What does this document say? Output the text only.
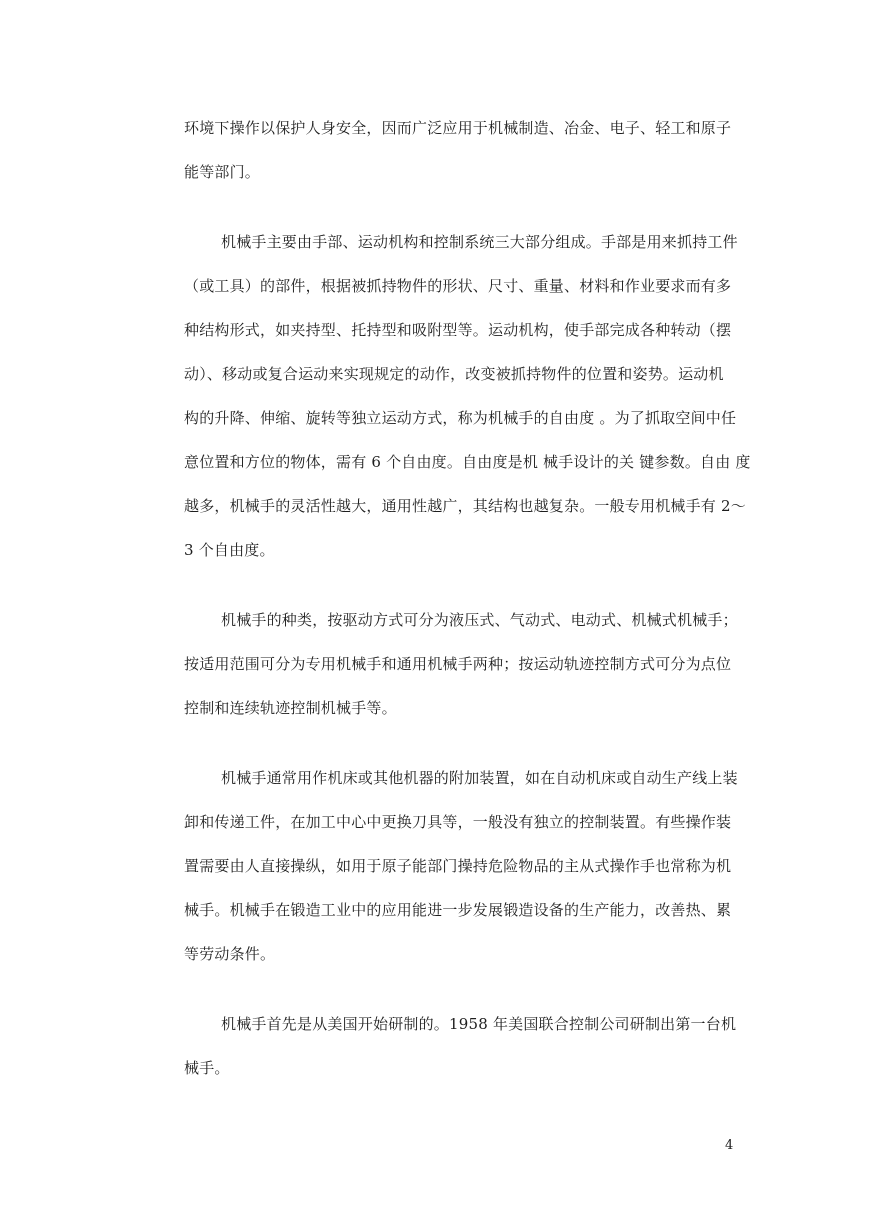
环境下操作以保护人身安全，因而广泛应用于机械制造、冶金、电子、轻工和原子
能等部门。
机械手主要由手部、运动机构和控制系统三大部分组成。手部是用来抓持工件
（或工具）的部件，根据被抓持物件的形状、尺寸、重量、材料和作业要求而有多
种结构形式，如夹持型、托持型和吸附型等。运动机构，使手部完成各种转动（摆
动）、移动或复合运动来实现规定的动作，改变被抓持物件的位置和姿势。运动机
构的升降、伸缩、旋转等独立运动方式，称为机械手的自由度 。为了抓取空间中任
意位置和方位的物体，需有 6 个自由度。自由度是机 械手设计的关 键参数。自由 度
越多，机械手的灵活性越大，通用性越广，其结构也越复杂。一般专用机械手有 2～
3 个自由度。
机械手的种类，按驱动方式可分为液压式、气动式、电动式、机械式机械手；
按适用范围可分为专用机械手和通用机械手两种；按运动轨迹控制方式可分为点位
控制和连续轨迹控制机械手等。
机械手通常用作机床或其他机器的附加装置，如在自动机床或自动生产线上装
卸和传递工件，在加工中心中更换刀具等，一般没有独立的控制装置。有些操作装
置需要由人直接操纵，如用于原子能部门操持危险物品的主从式操作手也常称为机
械手。机械手在锻造工业中的应用能进一步发展锻造设备的生产能力，改善热、累
等劳动条件。
机械手首先是从美国开始研制的。1958 年美国联合控制公司研制出第一台机
械手。
4
